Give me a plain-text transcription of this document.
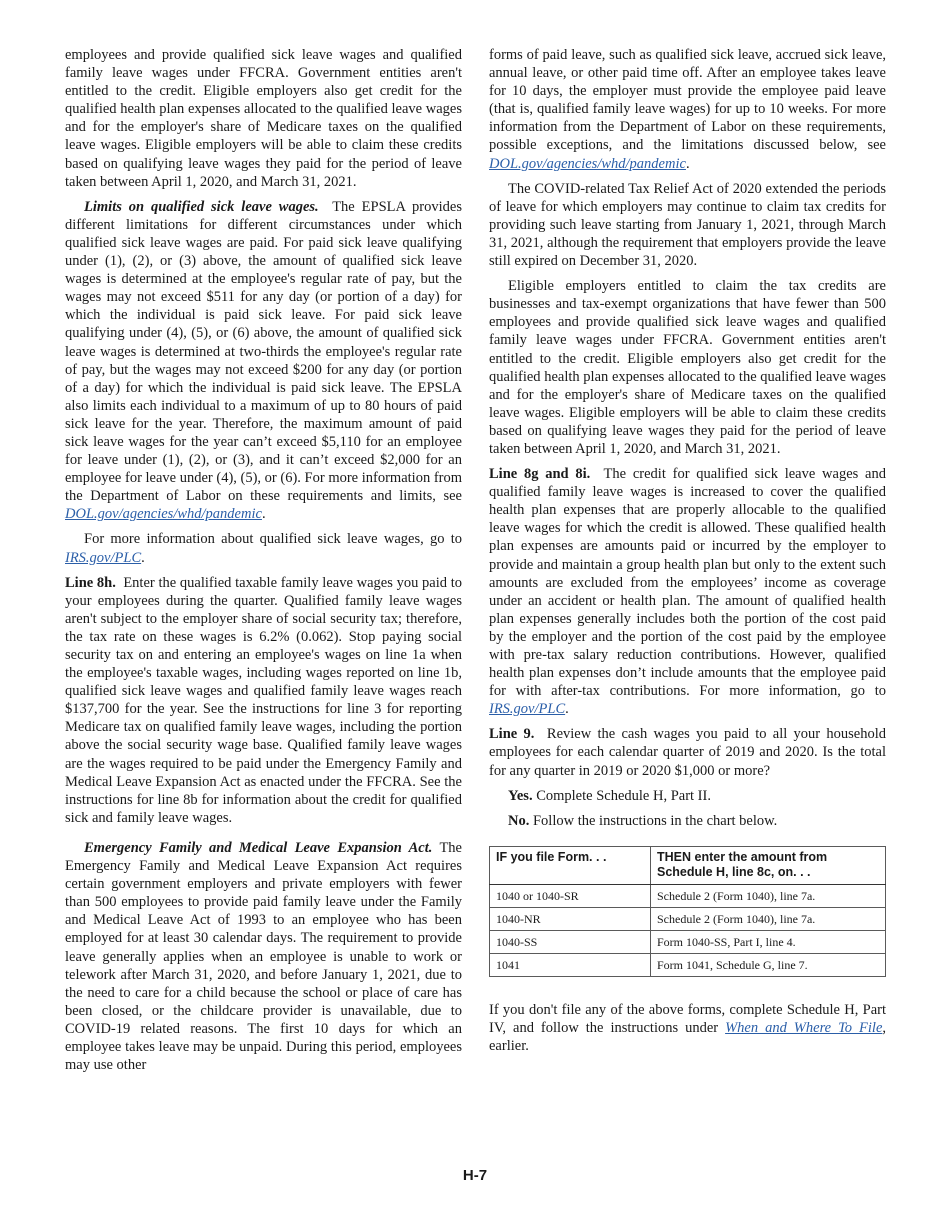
employees and provide qualified sick leave wages and qualified family leave wages under FFCRA. Government entities aren't entitled to the credit. Eligible employers also get credit for the qualified health plan expenses allocated to the qualified leave wages and for the employer's share of Medicare taxes on the qualified leave wages. Eligible employers will be able to claim these credits based on qualifying leave wages they paid for the period of leave taken between April 1, 2020, and March 31, 2021.

Limits on qualified sick leave wages. The EPSLA provides different limitations for different circumstances under which qualified sick leave wages are paid. For paid sick leave qualifying under (1), (2), or (3) above, the amount of qualified sick leave wages is determined at the employee's regular rate of pay, but the wages may not exceed $511 for any day (or portion of a day) for which the individual is paid sick leave. For paid sick leave qualifying under (4), (5), or (6) above, the amount of qualified sick leave wages is determined at two-thirds the employee's regular rate of pay, but the wages may not exceed $200 for any day (or portion of a day) for which the individual is paid sick leave. The EPSLA also limits each individual to a maximum of up to 80 hours of paid sick leave for the year. Therefore, the maximum amount of paid sick leave wages for the year can’t exceed $5,110 for an employee for leave under (1), (2), or (3), and it can’t exceed $2,000 for an employee for leave under (4), (5), or (6). For more information from the Department of Labor on these requirements and limits, see DOL.gov/agencies/whd/pandemic.

For more information about qualified sick leave wages, go to IRS.gov/PLC.

Line 8h. Enter the qualified taxable family leave wages you paid to your employees during the quarter. Qualified family leave wages aren't subject to the employer share of social security tax; therefore, the tax rate on these wages is 6.2% (0.062). Stop paying social security tax on and entering an employee's wages on line 1a when the employee's taxable wages, including wages reported on line 1b, qualified sick leave wages and qualified family leave wages reach $137,700 for the year. See the instructions for line 3 for reporting Medicare tax on qualified family leave wages, including the portion above the social security wage base. Qualified family leave wages are the wages required to be paid under the Emergency Family and Medical Leave Expansion Act as enacted under the FFCRA. See the instructions for line 8b for information about the credit for qualified sick and family leave wages.

Emergency Family and Medical Leave Expansion Act. The Emergency Family and Medical Leave Expansion Act requires certain government employers and private employers with fewer than 500 employees to provide paid family leave under the Family and Medical Leave Act of 1993 to an employee who has been employed for at least 30 calendar days. The requirement to provide leave generally applies when an employee is unable to work or telework after March 31, 2020, and before January 1, 2021, due to the need to care for a child because the school or place of care has been closed, or the childcare provider is unavailable, due to COVID-19 related reasons. The first 10 days for which an employee takes leave may be unpaid. During this period, employees may use other

forms of paid leave, such as qualified sick leave, accrued sick leave, annual leave, or other paid time off. After an employee takes leave for 10 days, the employer must provide the employee paid leave (that is, qualified family leave wages) for up to 10 weeks. For more information from the Department of Labor on these requirements, possible exceptions, and the limitations discussed below, see DOL.gov/agencies/whd/pandemic.

The COVID-related Tax Relief Act of 2020 extended the periods of leave for which employers may continue to claim tax credits for providing such leave starting from January 1, 2021, through March 31, 2021, although the requirement that employers provide the leave still expired on December 31, 2020.

Eligible employers entitled to claim the tax credits are businesses and tax-exempt organizations that have fewer than 500 employees and provide qualified sick leave wages and qualified family leave wages under FFCRA. Government entities aren't entitled to the credit. Eligible employers also get credit for the qualified health plan expenses allocated to the qualified leave wages and for the employer's share of Medicare taxes on the qualified leave wages. Eligible employers will be able to claim these credits based on qualifying leave wages they paid for the period of leave taken between April 1, 2020, and March 31, 2021.

Line 8g and 8i. The credit for qualified sick leave wages and qualified family leave wages is increased to cover the qualified health plan expenses that are properly allocable to the qualified leave wages for which the credit is allowed. These qualified health plan expenses are amounts paid or incurred by the employer to provide and maintain a group health plan but only to the extent such amounts are excluded from the employees’ income as coverage under an accident or health plan. The amount of qualified health plan expenses generally includes both the portion of the cost paid by the employer and the portion of the cost paid by the employee with pre-tax salary reduction contributions. However, qualified health plan expenses don’t include amounts that the employee paid for with after-tax contributions. For more information, go to IRS.gov/PLC.

Line 9. Review the cash wages you paid to all your household employees for each calendar quarter of 2019 and 2020. Is the total for any quarter in 2019 or 2020 $1,000 or more?

Yes. Complete Schedule H, Part II.

No. Follow the instructions in the chart below.

IF you file Form. . .	THEN enter the amount from Schedule H, line 8c, on. . .
1040 or 1040-SR	Schedule 2 (Form 1040), line 7a.
1040-NR	Schedule 2 (Form 1040), line 7a.
1040-SS	Form 1040-SS, Part I, line 4.
1041	Form 1041, Schedule G, line 7.

If you don't file any of the above forms, complete Schedule H, Part IV, and follow the instructions under When and Where To File, earlier.

H-7
